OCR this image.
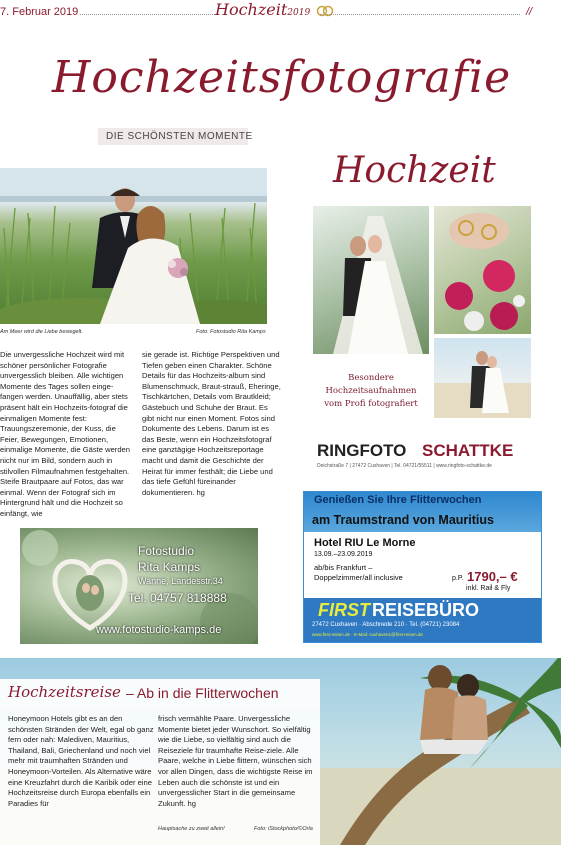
7. Februar 2019	Hochzeit2019	//
Hochzeitsfotografie
DIE SCHÖNSTEN MOMENTE
Am Meer wird die Liebe besiegelt.	Foto: Fotostudio Rita Kamps
Die unvergessliche Hochzeit wird mit schöner persönlicher Fotografie unvergesslich bleiben. Alle wichtigen Momente des Tages sollen einge-fangen werden. Unauffällig, aber stets präsent hält ein Hochzeits-fotograf die einmaligen Momente fest: Trauungszeremonie, der Kuss, die Feier, Bewegungen, Emotionen, einmalige Momente, die Gäste werden nicht nur im Bild, sondern auch in stilvollen Filmaufnahmen festgehalten. Steife Brautpaare auf Fotos, das war einmal. Wenn der Fotograf sich im Hintergrund hält und die Hochzeit so einfängt, wie
sie gerade ist. Richtige Perspektiven und Tiefen geben einen Charakter. Schöne Details für das Hochzeits-album sind Blumenschmuck, Braut-strauß, Eheringe, Tischkärtchen, Details vom Brautkleid; Gästebuch und Schuhe der Braut. Es gibt nicht nur einen Moment. Fotos sind Dokumente des Lebens. Darum ist es das Beste, wenn ein Hochzeitsfotograf eine ganztägige Hochzeitsreportage macht und damit die Geschichte der Heirat für immer festhält; die Liebe und das tiefe Gefühl füreinander dokumentieren. hg
Fotostudio
Rita Kamps
Wanne, Landesstr.34
Tel. 04757 818888
www.fotostudio-kamps.de
Hochzeit
Besondere
Hochzeitsaufnahmen
vom Profi fotografiert
RINGFOTO SCHATTKE
Deichstraße 7 | 27472 Cuxhaven | Tel. 04721/55511 | www.ringfoto-schattke.de
Genießen Sie Ihre Flitterwochen
am Traumstrand von Mauritius
Hotel RIU Le Morne
13.09.–23.09.2019
ab/bis Frankfurt –
Doppelzimmer/all inclusive	p.P. 1790,– €
inkl. Rail & Fly
FIRST REISEBÜRO
27472 Cuxhaven · Abschnede 210 · Tel. (04721) 23084
www.first-reisen.de · E-Mail: cuxhaven1@first-reisen.de
Hochzeitsreise – Ab in die Flitterwochen
Honeymoon Hotels gibt es an den schönsten Stränden der Welt, egal ob ganz fern oder nah: Malediven, Mauritius, Thailand, Bali, Griechenland und noch viel mehr mit traumhaften Stränden und Honeymoon-Vorteilen. Als Alternative wäre eine Kreuzfahrt durch die Karibik oder eine Hochzeitsreise durch Europa ebenfalls ein Paradies für
frisch vermählte Paare. Unvergessliche Momente bietet jeder Wunschort. So vielfältig wie die Liebe, so vielfältig sind auch die Reiseziele für traumhafte Reise-ziele. Alle Paare, welche in Liebe flittern, wünschen sich vor allen Dingen, dass die wichtigste Reise im Leben auch die schönste ist und ein unvergesslicher Start in die gemeinsame Zukunft. hg
Hauptsache zu zweit allein!	Foto: iStockphoto/©Orla
